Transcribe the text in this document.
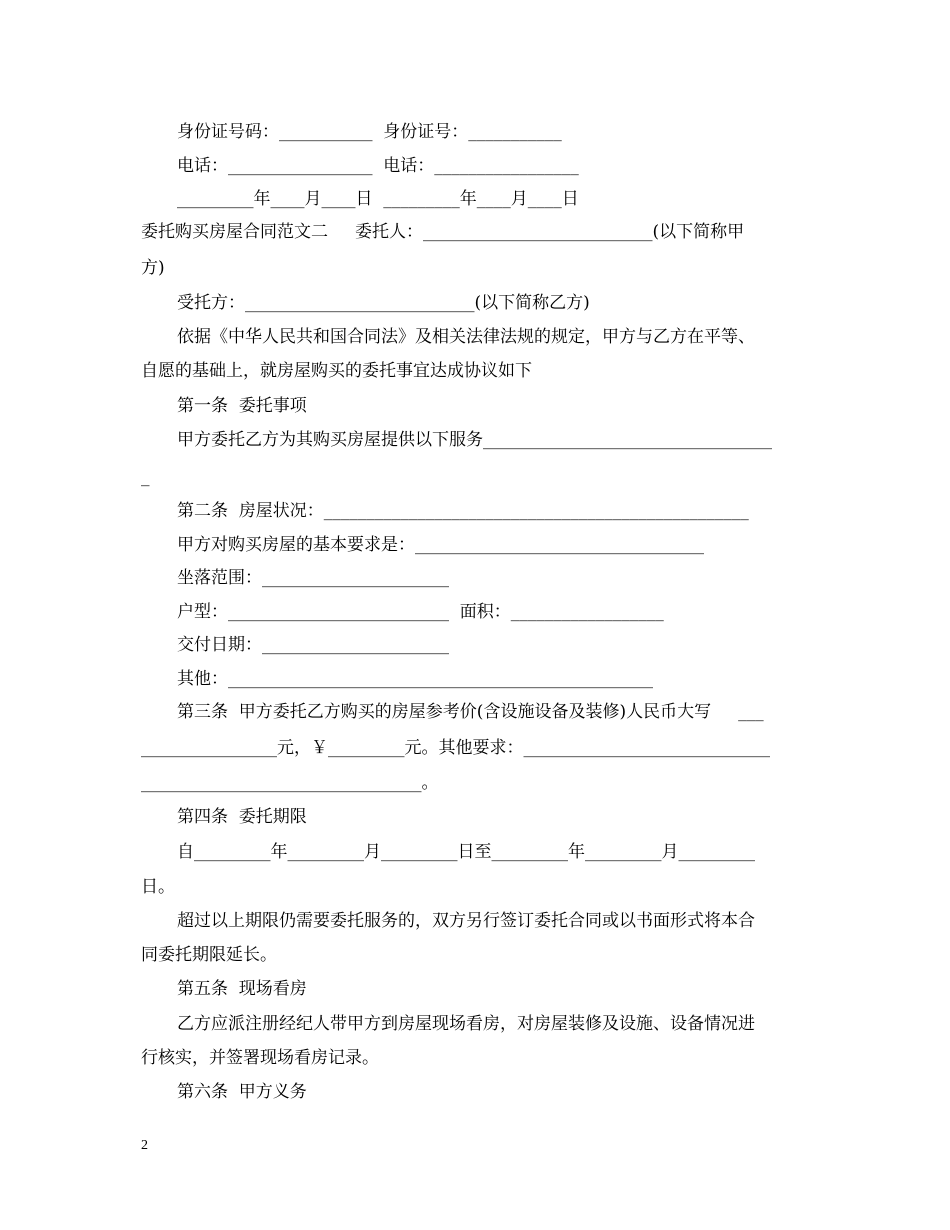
身份证号码：___________  身份证号：___________
电话：_________________  电话：_________________
_________年____月____日  _________年____月____日
委托购买房屋合同范文二     委托人：___________________________(以下简称甲
方)
受托方：___________________________(以下简称乙方)
依据《中华人民共和国合同法》及相关法律法规的规定，甲方与乙方在平等、
自愿的基础上，就房屋购买的委托事宜达成协议如下
第一条  委托事项
甲方委托乙方为其购买房屋提供以下服务__________________________________
_
第二条  房屋状况：__________________________________________________
甲方对购买房屋的基本要求是：__________________________________
坐落范围：______________________
户型：__________________________  面积：__________________
交付日期：______________________
其他：__________________________________________________
第三条  甲方委托乙方购买的房屋参考价(含设施设备及装修)人民币大写     ___
________________元，￥_________元。其他要求：_____________________________
_________________________________。
第四条  委托期限
自_________年_________月_________日至_________年_________月_________
日。
超过以上期限仍需要委托服务的，双方另行签订委托合同或以书面形式将本合
同委托期限延长。
第五条  现场看房
乙方应派注册经纪人带甲方到房屋现场看房，对房屋装修及设施、设备情况进
行核实，并签署现场看房记录。
第六条  甲方义务
2
